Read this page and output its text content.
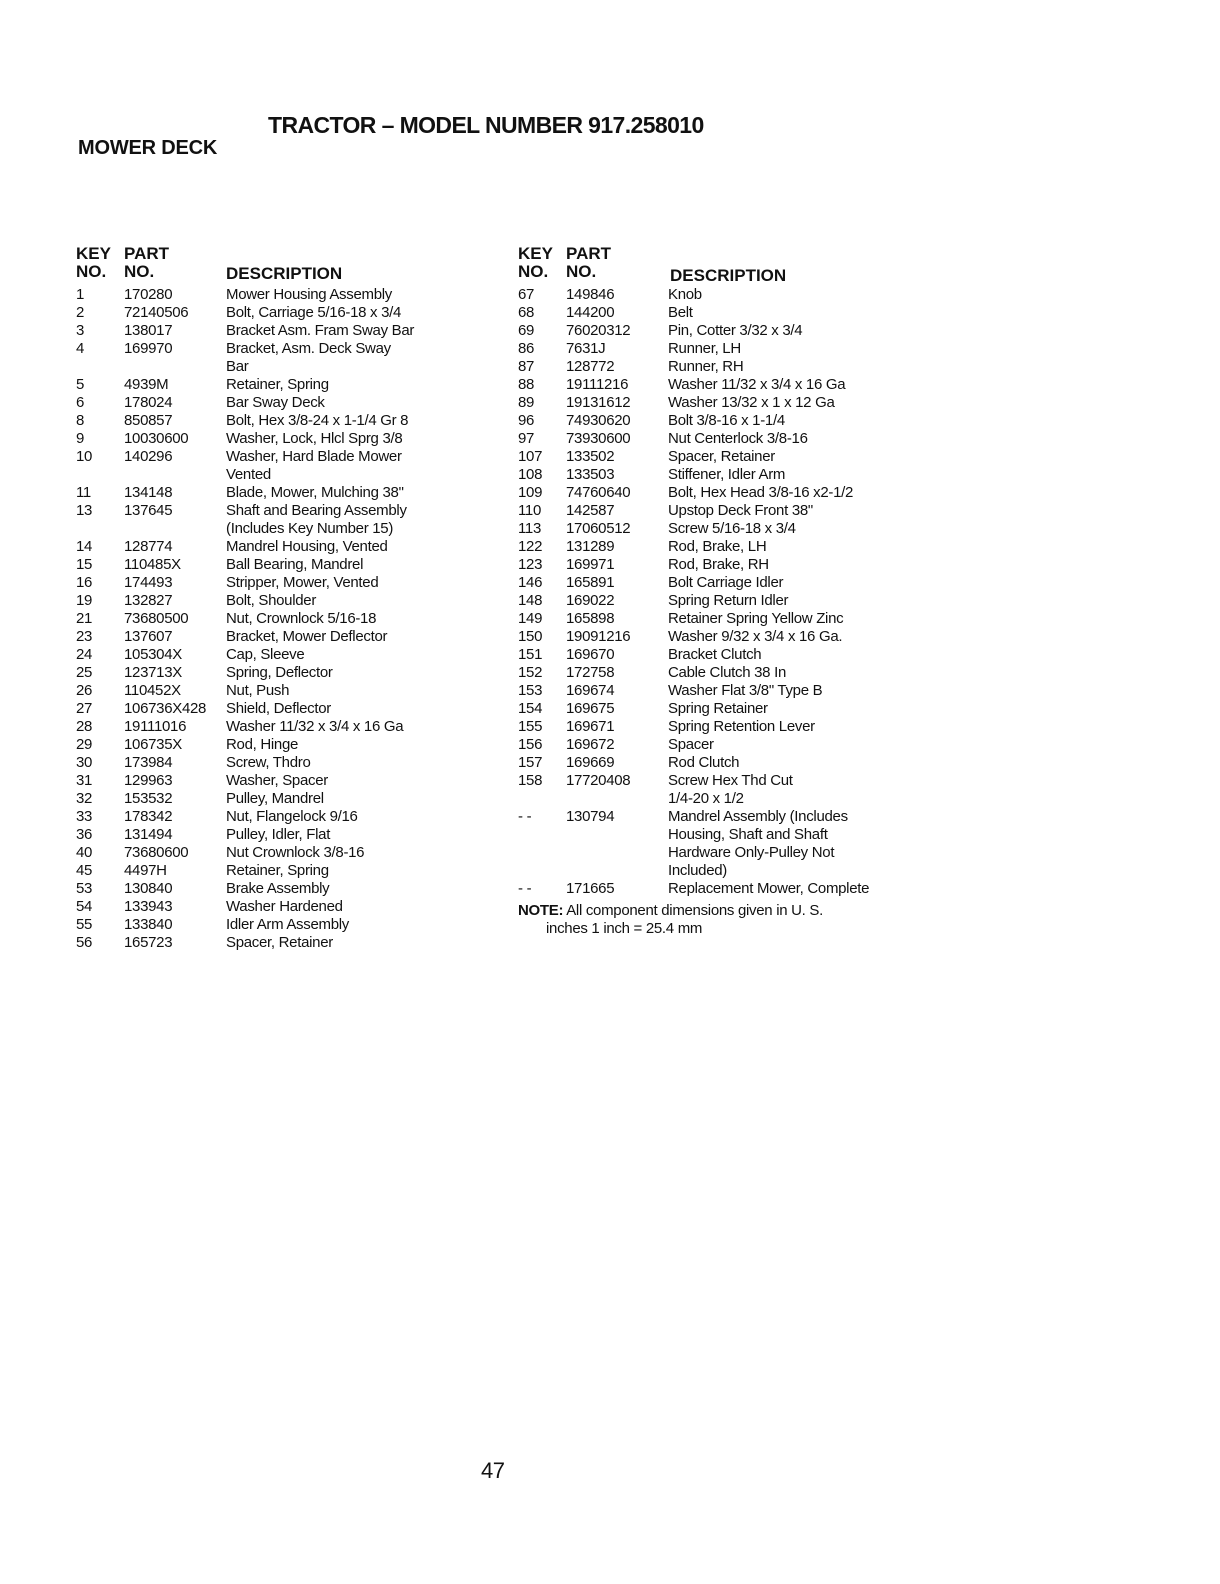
TRACTOR – MODEL NUMBER 917.258010
MOWER DECK
KEY
NO.
PART
NO.	DESCRIPTION
1	170280	Mower Housing Assembly
2	72140506	Bolt, Carriage 5/16-18 x 3/4
3	138017	Bracket Asm. Fram Sway Bar
4	169970	Bracket, Asm. Deck Sway
Bar
5	4939M	Retainer, Spring
6	178024	Bar Sway Deck
8	850857	Bolt, Hex 3/8-24 x 1-1/4 Gr 8
9	10030600	Washer, Lock, Hlcl Sprg 3/8
10	140296	Washer, Hard Blade Mower
Vented
11	134148	Blade, Mower, Mulching 38"
13	137645	Shaft and Bearing Assembly
(Includes Key Number 15)
14	128774	Mandrel Housing, Vented
15	110485X	Ball Bearing, Mandrel
16	174493	Stripper, Mower, Vented
19	132827	Bolt, Shoulder
21	73680500	Nut, Crownlock 5/16-18
23	137607	Bracket, Mower Deflector
24	105304X	Cap, Sleeve
25	123713X	Spring, Deflector
26	110452X	Nut, Push
27	106736X428	Shield, Deflector
28	19111016	Washer 11/32 x 3/4 x 16 Ga
29	106735X	Rod, Hinge
30	173984	Screw, Thdro
31	129963	Washer, Spacer
32	153532	Pulley, Mandrel
33	178342	Nut, Flangelock 9/16
36	131494	Pulley, Idler, Flat
40	73680600	Nut Crownlock 3/8-16
45	4497H	Retainer, Spring
53	130840	Brake Assembly
54	133943	Washer Hardened
55	133840	Idler Arm Assembly
56	165723	Spacer, Retainer
KEY
NO.
PART
NO.	DESCRIPTION
67	149846	Knob
68	144200	Belt
69	76020312	Pin, Cotter 3/32 x 3/4
86	7631J	Runner, LH
87	128772	Runner, RH
88	19111216	Washer 11/32 x 3/4 x 16 Ga
89	19131612	Washer 13/32 x 1 x 12 Ga
96	74930620	Bolt 3/8-16 x 1-1/4
97	73930600	Nut Centerlock 3/8-16
107	133502	Spacer, Retainer
108	133503	Stiffener, Idler Arm
109	74760640	Bolt, Hex Head 3/8-16 x2-1/2
110	142587	Upstop Deck Front 38"
113	17060512	Screw 5/16-18 x 3/4
122	131289	Rod, Brake, LH
123	169971	Rod, Brake, RH
146	165891	Bolt Carriage Idler
148	169022	Spring Return Idler
149	165898	Retainer Spring Yellow Zinc
150	19091216	Washer 9/32 x 3/4 x 16 Ga.
151	169670	Bracket Clutch
152	172758	Cable Clutch 38 In
153	169674	Washer Flat 3/8" Type B
154	169675	Spring Retainer
155	169671	Spring Retention Lever
156	169672	Spacer
157	169669	Rod Clutch
158	17720408	Screw Hex Thd Cut
1/4-20 x 1/2
- -	130794	Mandrel Assembly (Includes
Housing, Shaft and Shaft
Hardware Only-Pulley Not
Included)
- -	171665	Replacement Mower, Complete
NOTE: All component dimensions given in U. S.
inches 1 inch = 25.4 mm
47
